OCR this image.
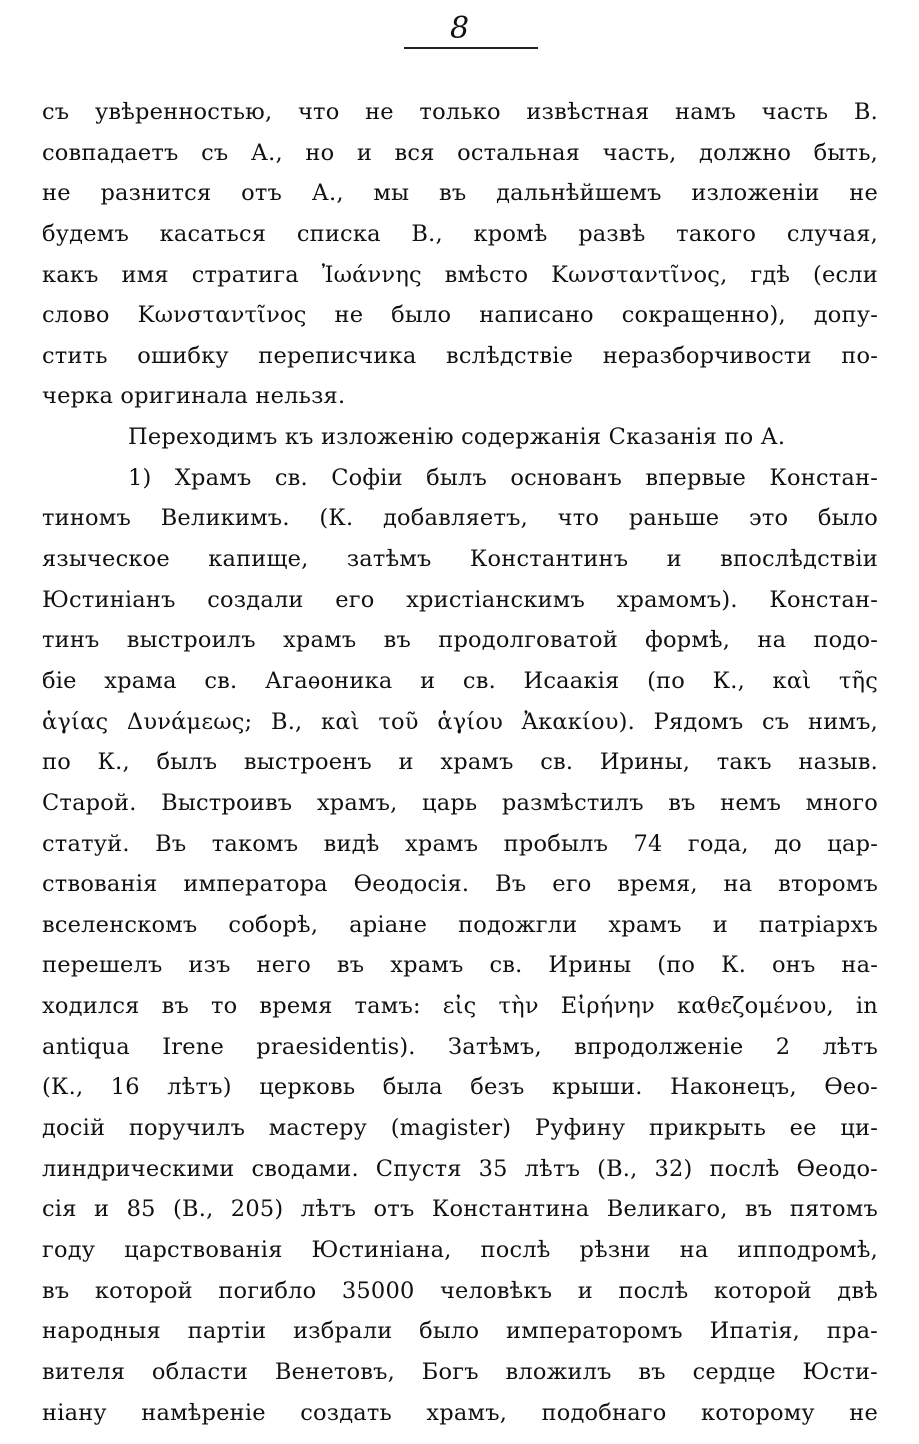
8
съ увѣренностью, что не только извѣстная намъ часть В.
совпадаетъ съ А., но и вся остальная часть, должно быть,
не разнится отъ А., мы въ дальнѣйшемъ изложеніи не
будемъ касаться списка В., кромѣ развѣ такого случая,
какъ имя стратига Ἰωάννης вмѣсто Κωνσταντῖνος, гдѣ (если
слово Κωνσταντῖνος не было написано сокращенно), допу-
стить ошибку переписчика вслѣдствіе неразборчивости по-
черка оригинала нельзя.
Переходимъ къ изложенію содержанія Сказанія по А.
1) Храмъ св. Софіи былъ основанъ впервые Констан-
тиномъ Великимъ. (К. добавляетъ, что раньше это было
языческое капище, затѣмъ Константинъ и впослѣдствіи
Юстиніанъ создали его христіанскимъ храмомъ). Констан-
тинъ выстроилъ храмъ въ продолговатой формѣ, на подо-
біе храма св. Агаѳоника и св. Исаакія (по К., καὶ τῆς
ἁγίας Δυνάμεως; В., καὶ τοῦ ἁγίου Ἀκακίου). Рядомъ съ нимъ,
по К., былъ выстроенъ и храмъ св. Ирины, такъ назыв.
Старой. Выстроивъ храмъ, царь размѣстилъ въ немъ много
статуй. Въ такомъ видѣ храмъ пробылъ 74 года, до цар-
ствованія императора Ѳеодосія. Въ его время, на второмъ
вселенскомъ соборѣ, аріане подожгли храмъ и патріархъ
перешелъ изъ него въ храмъ св. Ирины (по К. онъ на-
ходился въ то время тамъ: εἰς τὴν Εἰρήνην καθεζομένου, in
antiqua Irene praesidentis). Затѣмъ, впродолженіе 2 лѣтъ
(К., 16 лѣтъ) церковь была безъ крыши. Наконецъ, Ѳео-
досій поручилъ мастеру (magister) Руфину прикрыть ее ци-
линдрическими сводами. Спустя 35 лѣтъ (В., 32) послѣ Ѳеодо-
сія и 85 (В., 205) лѣтъ отъ Константина Великаго, въ пятомъ
году царствованія Юстиніана, послѣ рѣзни на ипподромѣ,
въ которой погибло 35000 человѣкъ и послѣ которой двѣ
народныя партіи избрали было императоромъ Ипатія, пра-
вителя области Венетовъ, Богъ вложилъ въ сердце Юсти-
ніану намѣреніе создать храмъ, подобнаго которому не
